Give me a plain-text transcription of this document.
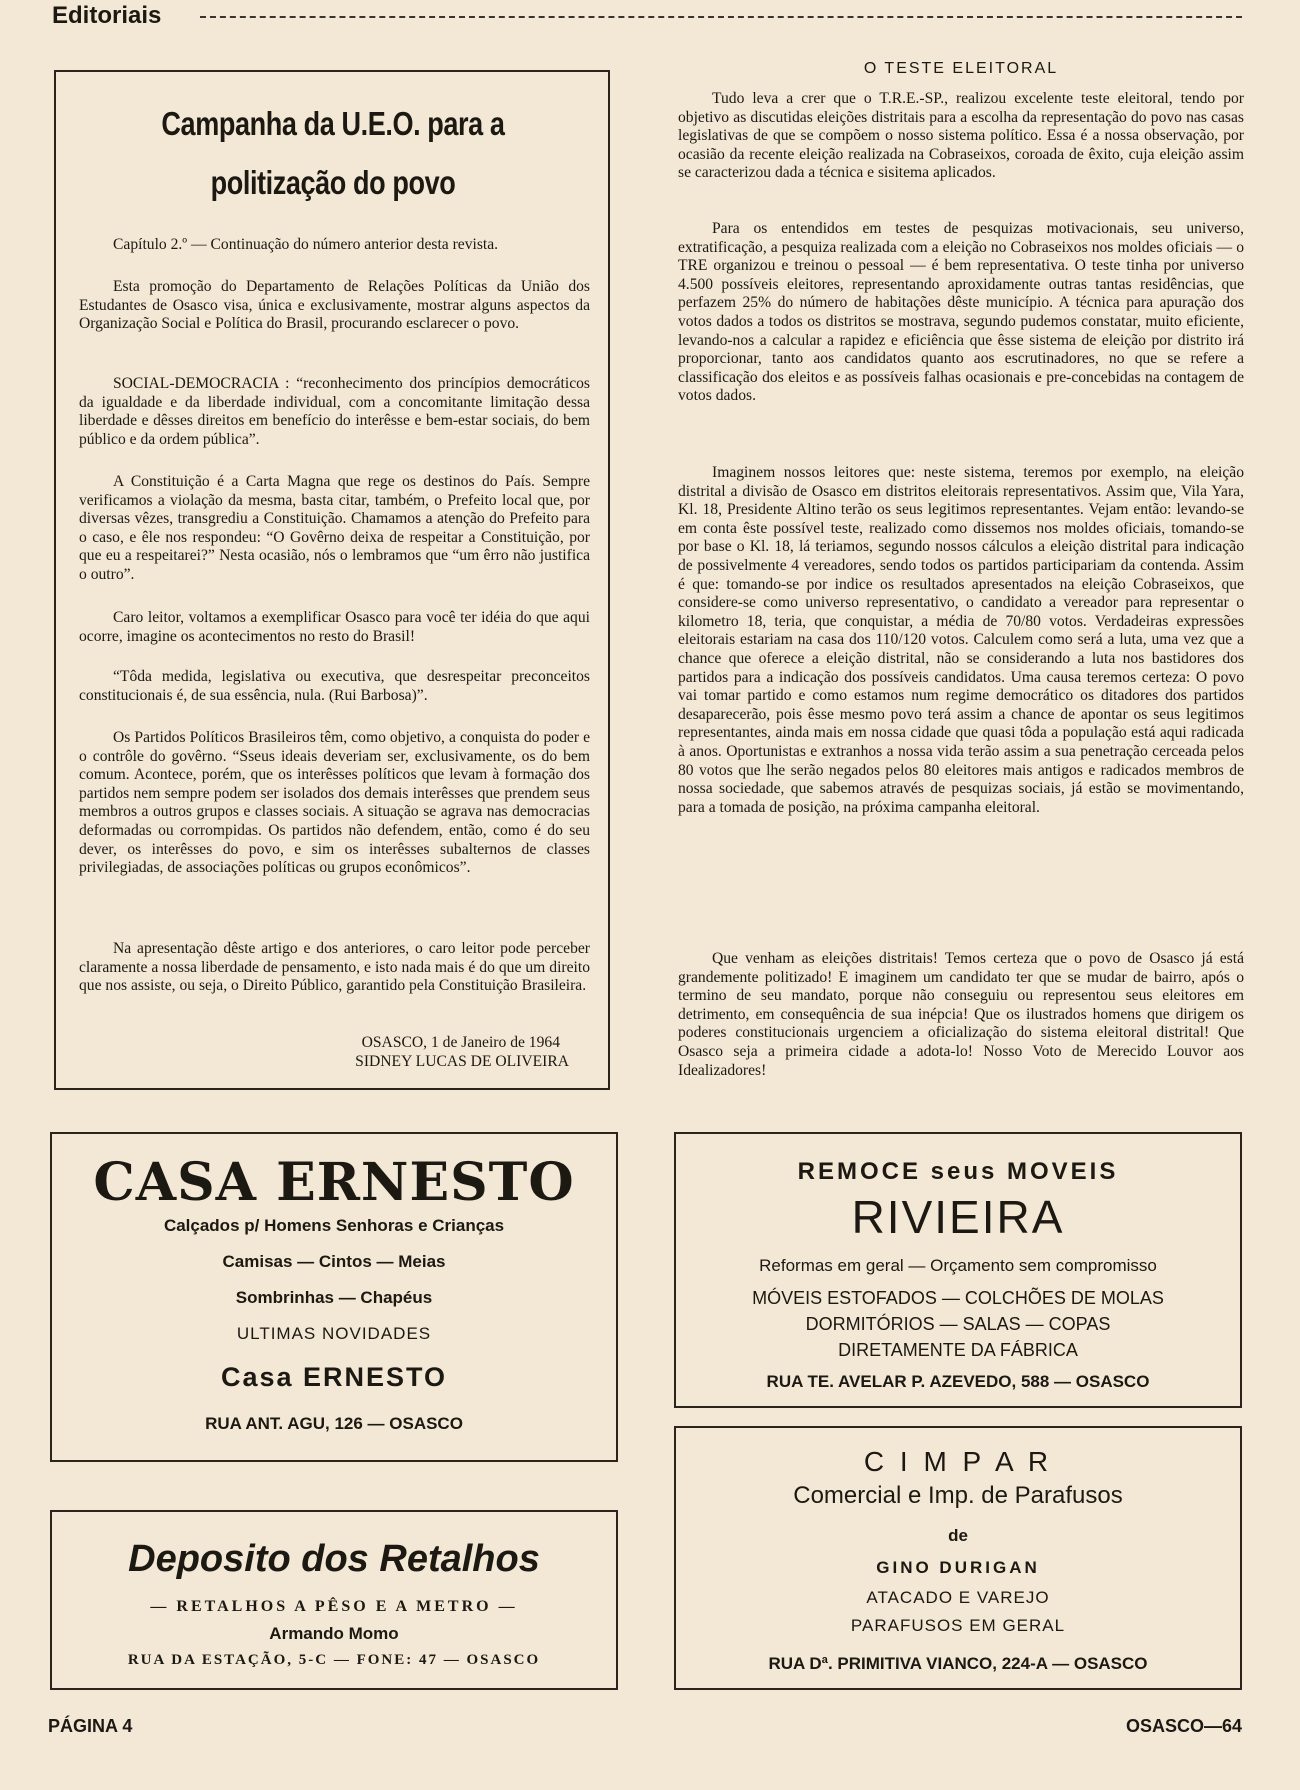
Editoriais
Campanha da U.E.O. para a
politização do povo
Capítulo 2.º — Continuação do número anterior desta revista.
Esta promoção do Departamento de Relações Políticas da União dos Estudantes de Osasco visa, única e exclusivamente, mostrar alguns aspectos da Organização Social e Política do Brasil, procurando esclarecer o povo.
SOCIAL-DEMOCRACIA : “reconhecimento dos princípios democráticos da igualdade e da liberdade individual, com a concomitante limitação dessa liberdade e dêsses direitos em benefício do interêsse e bem-estar sociais, do bem público e da ordem pública”.
A Constituição é a Carta Magna que rege os destinos do País. Sempre verificamos a violação da mesma, basta citar, também, o Prefeito local que, por diversas vêzes, transgrediu a Constituição. Chamamos a atenção do Prefeito para o caso, e êle nos respondeu: “O Govêrno deixa de respeitar a Constituição, por que eu a respeitarei?” Nesta ocasião, nós o lembramos que “um êrro não justifica o outro”.
Caro leitor, voltamos a exemplificar Osasco para você ter idéia do que aqui ocorre, imagine os acontecimentos no resto do Brasil!
“Tôda medida, legislativa ou executiva, que desrespeitar preconceitos constitucionais é, de sua essência, nula. (Rui Barbosa)”.
Os Partidos Políticos Brasileiros têm, como objetivo, a conquista do poder e o contrôle do govêrno. “Sseus ideais deveriam ser, exclusivamente, os do bem comum. Acontece, porém, que os interêsses políticos que levam à formação dos partidos nem sempre podem ser isolados dos demais interêsses que prendem seus membros a outros grupos e classes sociais. A situação se agrava nas democracias deformadas ou corrompidas. Os partidos não defendem, então, como é do seu dever, os interêsses do povo, e sim os interêsses subalternos de classes privilegiadas, de associações políticas ou grupos econômicos”.
Na apresentação dêste artigo e dos anteriores, o caro leitor pode perceber claramente a nossa liberdade de pensamento, e isto nada mais é do que um direito que nos assiste, ou seja, o Direito Público, garantido pela Constituição Brasileira.
OSASCO, 1 de Janeiro de 1964
SIDNEY LUCAS DE OLIVEIRA
O TESTE ELEITORAL
Tudo leva a crer que o T.R.E.-SP., realizou excelente teste eleitoral, tendo por objetivo as discutidas eleições distritais para a escolha da representação do povo nas casas legislativas de que se compõem o nosso sistema político. Essa é a nossa observação, por ocasião da recente eleição realizada na Cobraseixos, coroada de êxito, cuja eleição assim se caracterizou dada a técnica e sisitema aplicados.
Para os entendidos em testes de pesquizas motivacionais, seu universo, extratificação, a pesquiza realizada com a eleição no Cobraseixos nos moldes oficiais — o TRE organizou e treinou o pessoal — é bem representativa. O teste tinha por universo 4.500 possíveis eleitores, representando aproxidamente outras tantas residências, que perfazem 25% do número de habitações dêste município. A técnica para apuração dos votos dados a todos os distritos se mostrava, segundo pudemos constatar, muito eficiente, levando-nos a calcular a rapidez e eficiência que êsse sistema de eleição por distrito irá proporcionar, tanto aos candidatos quanto aos escrutinadores, no que se refere a classificação dos eleitos e as possíveis falhas ocasionais e pre-concebidas na contagem de votos dados.
Imaginem nossos leitores que: neste sistema, teremos por exemplo, na eleição distrital a divisão de Osasco em distritos eleitorais representativos. Assim que, Vila Yara, Kl. 18, Presidente Altino terão os seus legitimos representantes. Vejam então: levando-se em conta êste possível teste, realizado como dissemos nos moldes oficiais, tomando-se por base o Kl. 18, lá teriamos, segundo nossos cálculos a eleição distrital para indicação de possivelmente 4 vereadores, sendo todos os partidos participariam da contenda. Assim é que: tomando-se por indice os resultados apresentados na eleição Cobraseixos, que considere-se como universo representativo, o candidato a vereador para representar o kilometro 18, teria, que conquistar, a média de 70/80 votos. Verdadeiras expressões eleitorais estariam na casa dos 110/120 votos. Calculem como será a luta, uma vez que a chance que oferece a eleição distrital, não se considerando a luta nos bastidores dos partidos para a indicação dos possíveis candidatos. Uma causa teremos certeza: O povo vai tomar partido e como estamos num regime democrático os ditadores dos partidos desaparecerão, pois êsse mesmo povo terá assim a chance de apontar os seus legitimos representantes, ainda mais em nossa cidade que quasi tôda a população está aqui radicada à anos. Oportunistas e extranhos a nossa vida terão assim a sua penetração cerceada pelos 80 votos que lhe serão negados pelos 80 eleitores mais antigos e radicados membros de nossa sociedade, que sabemos através de pesquizas sociais, já estão se movimentando, para a tomada de posição, na próxima campanha eleitoral.
Que venham as eleições distritais! Temos certeza que o povo de Osasco já está grandemente politizado! E imaginem um candidato ter que se mudar de bairro, após o termino de seu mandato, porque não conseguiu ou representou seus eleitores em detrimento, em consequência de sua inépcia! Que os ilustrados homens que dirigem os poderes constitucionais urgenciem a oficialização do sistema eleitoral distrital! Que Osasco seja a primeira cidade a adota-lo! Nosso Voto de Merecido Louvor aos Idealizadores!
CASA ERNESTO
Calçados p/ Homens Senhoras e Crianças
Camisas — Cintos — Meias
Sombrinhas — Chapéus
ULTIMAS NOVIDADES
Casa ERNESTO
RUA ANT. AGU, 126 — OSASCO
Deposito dos Retalhos
— RETALHOS A PÊSO E A METRO —
Armando Momo
RUA DA ESTAÇÃO, 5-C — FONE: 47 — OSASCO
REMOCE seus MOVEIS
RIVIEIRA
Reformas em geral — Orçamento sem compromisso
MÓVEIS ESTOFADOS — COLCHÕES DE MOLAS
DORMITÓRIOS — SALAS — COPAS
DIRETAMENTE DA FÁBRICA
RUA TE. AVELAR P. AZEVEDO, 588 — OSASCO
C I M P A R
Comercial e Imp. de Parafusos
de
GINO DURIGAN
ATACADO E VAREJO
PARAFUSOS EM GERAL
RUA Dª. PRIMITIVA VIANCO, 224-A — OSASCO
PÁGINA 4	OSASCO—64
